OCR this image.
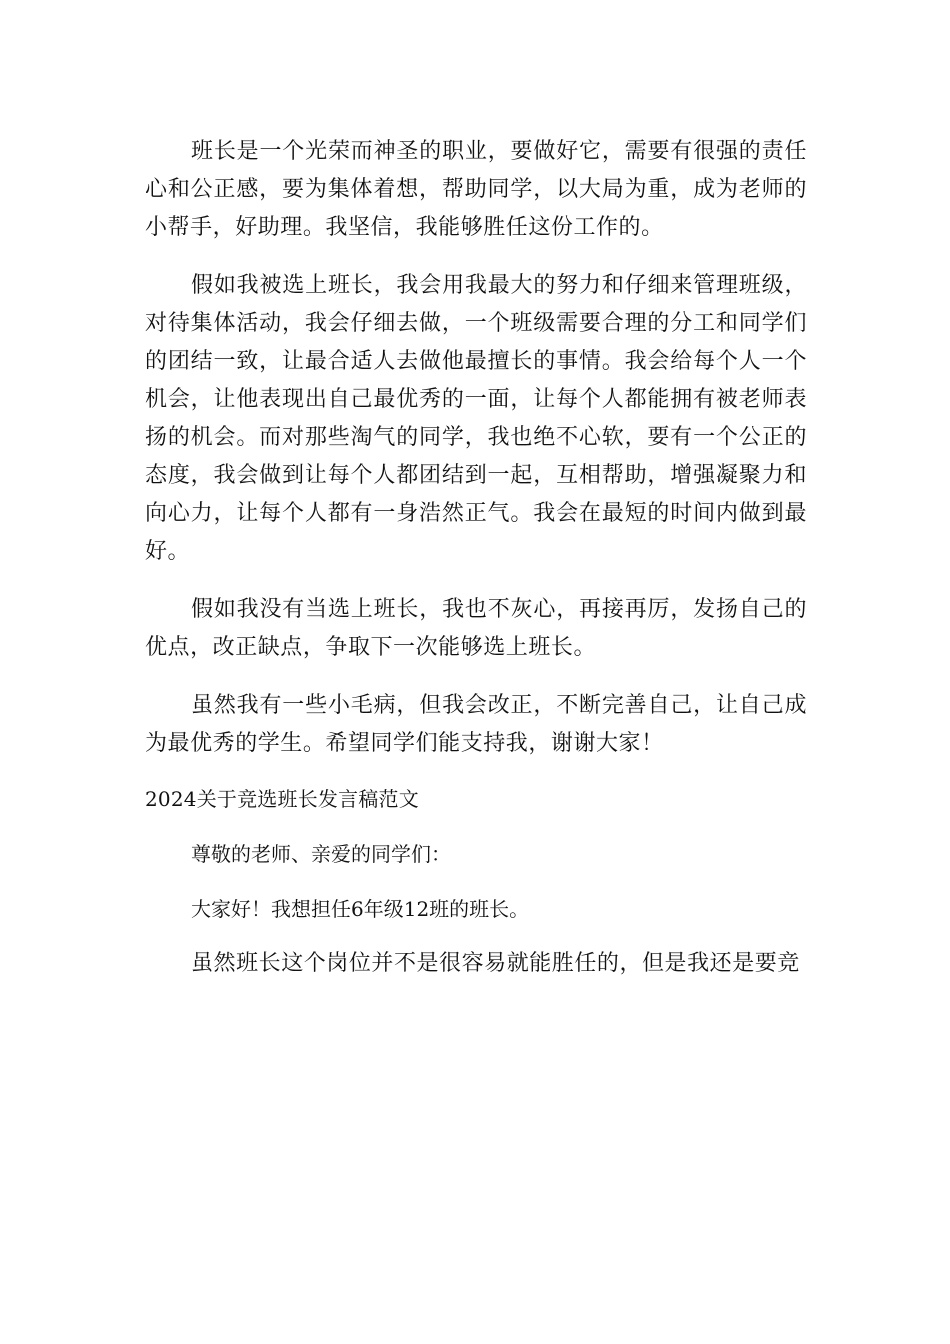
班长是一个光荣而神圣的职业，要做好它，需要有很强的责任心和公正感，要为集体着想，帮助同学，以大局为重，成为老师的小帮手，好助理。我坚信，我能够胜任这份工作的。

假如我被选上班长，我会用我最大的努力和仔细来管理班级，对待集体活动，我会仔细去做，一个班级需要合理的分工和同学们的团结一致，让最合适人去做他最擅长的事情。我会给每个人一个机会，让他表现出自己最优秀的一面，让每个人都能拥有被老师表扬的机会。而对那些淘气的同学，我也绝不心软，要有一个公正的态度，我会做到让每个人都团结到一起，互相帮助，增强凝聚力和向心力，让每个人都有一身浩然正气。我会在最短的时间内做到最好。

假如我没有当选上班长，我也不灰心，再接再厉，发扬自己的优点，改正缺点，争取下一次能够选上班长。

虽然我有一些小毛病，但我会改正，不断完善自己，让自己成为最优秀的学生。希望同学们能支持我，谢谢大家！

2024关于竞选班长发言稿范文

尊敬的老师、亲爱的同学们：

大家好！我想担任6年级12班的班长。

虽然班长这个岗位并不是很容易就能胜任的，但是我还是要竞
